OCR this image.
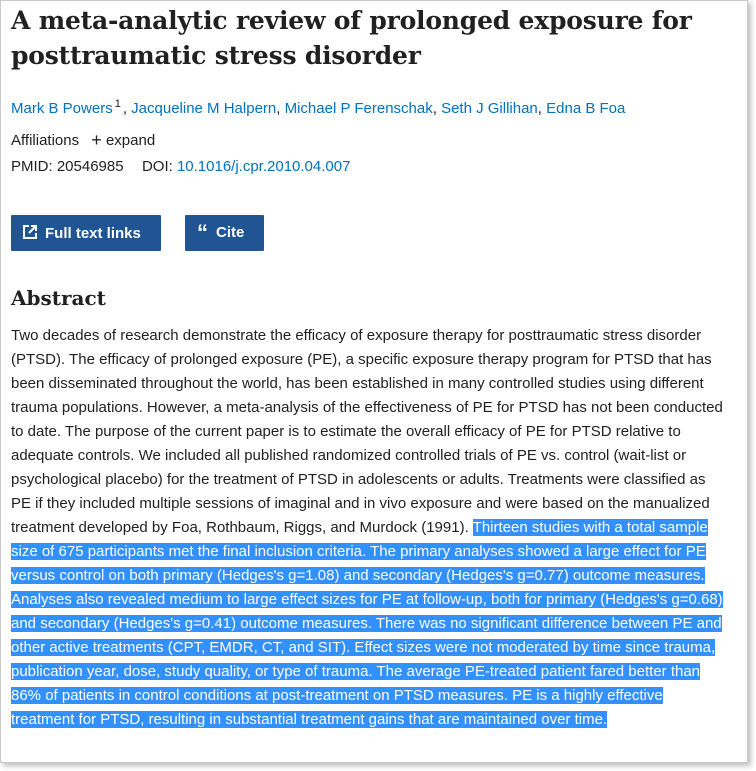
A meta-analytic review of prolonged exposure for posttraumatic stress disorder
Mark B Powers $^1$ , Jacqueline M Halpern, Michael P Ferenschak, Seth J Gillihan, Edna B Foa
Affiliations + expand
PMID: 20546985 DOI: 10.1016/j.cpr.2010.04.007
Full text links	“ Cite
Abstract

Two decades of research demonstrate the efficacy of exposure therapy for posttraumatic stress disorder (PTSD). The efficacy of prolonged exposure (PE), a specific exposure therapy program for PTSD that has been disseminated throughout the world, has been established in many controlled studies using different trauma populations. However, a meta-analysis of the effectiveness of PE for PTSD has not been conducted to date. The purpose of the current paper is to estimate the overall efficacy of PE for PTSD relative to adequate controls. We included all published randomized controlled trials of PE vs. control (wait-list or psychological placebo) for the treatment of PTSD in adolescents or adults. Treatments were classified as PE if they included multiple sessions of imaginal and in vivo exposure and were based on the manualized treatment developed by Foa, Rothbaum, Riggs, and Murdock (1991). Thirteen studies with a total sample size of 675 participants met the final inclusion criteria. The primary analyses showed a large effect for PE versus control on both primary (Hedges's g=1.08) and secondary (Hedges's g=0.77) outcome measures. Analyses also revealed medium to large effect sizes for PE at follow-up, both for primary (Hedges's g=0.68) and secondary (Hedges's g=0.41) outcome measures. There was no significant difference between PE and other active treatments (CPT, EMDR, CT, and SIT). Effect sizes were not moderated by time since trauma, publication year, dose, study quality, or type of trauma. The average PE-treated patient fared better than 86% of patients in control conditions at post-treatment on PTSD measures. PE is a highly effective treatment for PTSD, resulting in substantial treatment gains that are maintained over time.
